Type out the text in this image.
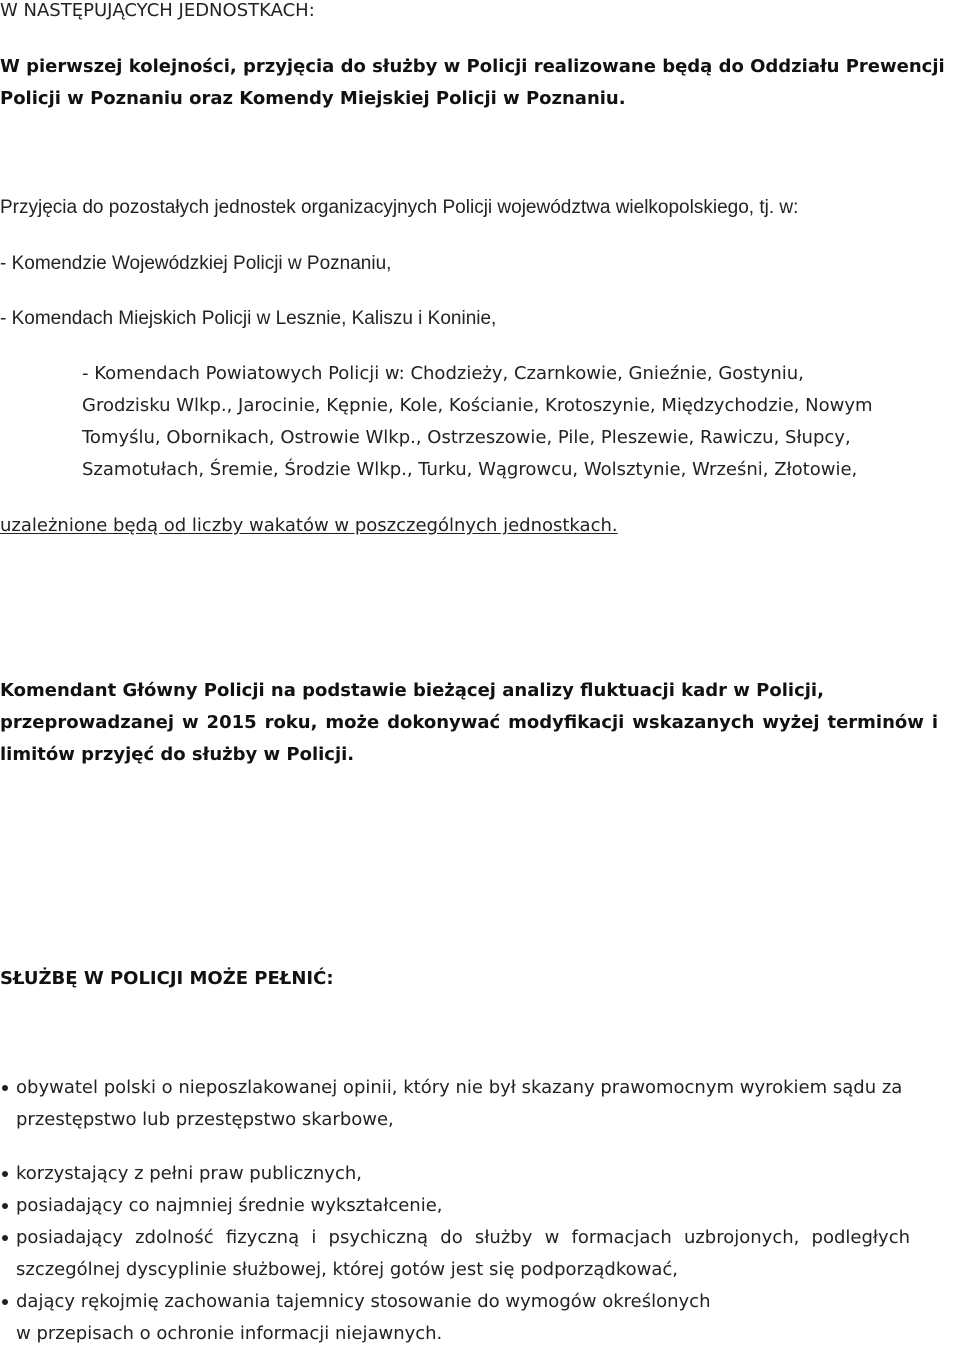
W NASTĘPUJĄCYCH JEDNOSTKACH:

W pierwszej kolejności, przyjęcia do służby w Policji realizowane będą do Oddziału Prewencji
Policji w Poznaniu oraz Komendy Miejskiej Policji w Poznaniu.

Przyjęcia do pozostałych jednostek organizacyjnych Policji województwa wielkopolskiego, tj. w:

- Komendzie Wojewódzkiej Policji w Poznaniu,

- Komendach Miejskich Policji w Lesznie, Kaliszu i Koninie,

- Komendach Powiatowych Policji w: Chodzieży, Czarnkowie, Gnieźnie, Gostyniu,
Grodzisku Wlkp., Jarocinie, Kępnie, Kole, Kościanie, Krotoszynie, Międzychodzie, Nowym
Tomyślu, Obornikach, Ostrowie Wlkp., Ostrzeszowie, Pile, Pleszewie, Rawiczu, Słupcy,
Szamotułach, Śremie, Środzie Wlkp., Turku, Wągrowcu, Wolsztynie, Wrześni, Złotowie,

uzależnione będą od liczby wakatów w poszczególnych jednostkach.

Komendant Główny Policji na podstawie bieżącej analizy fluktuacji kadr w Policji,
przeprowadzanej w 2015 roku, może dokonywać modyfikacji wskazanych wyżej terminów i
limitów przyjęć do służby w Policji.

SŁUŻBĘ W POLICJI MOŻE PEŁNIĆ:

obywatel polski o nieposzlakowanej opinii, który nie był skazany prawomocnym wyrokiem sądu za
przestępstwo lub przestępstwo skarbowe,
korzystający z pełni praw publicznych,
posiadający co najmniej średnie wykształcenie,
posiadający zdolność fizyczną i psychiczną do służby w formacjach uzbrojonych, podległych
szczególnej dyscyplinie służbowej, której gotów jest się podporządkować,
dający rękojmię zachowania tajemnicy stosowanie do wymogów określonych
w przepisach o ochronie informacji niejawnych.
